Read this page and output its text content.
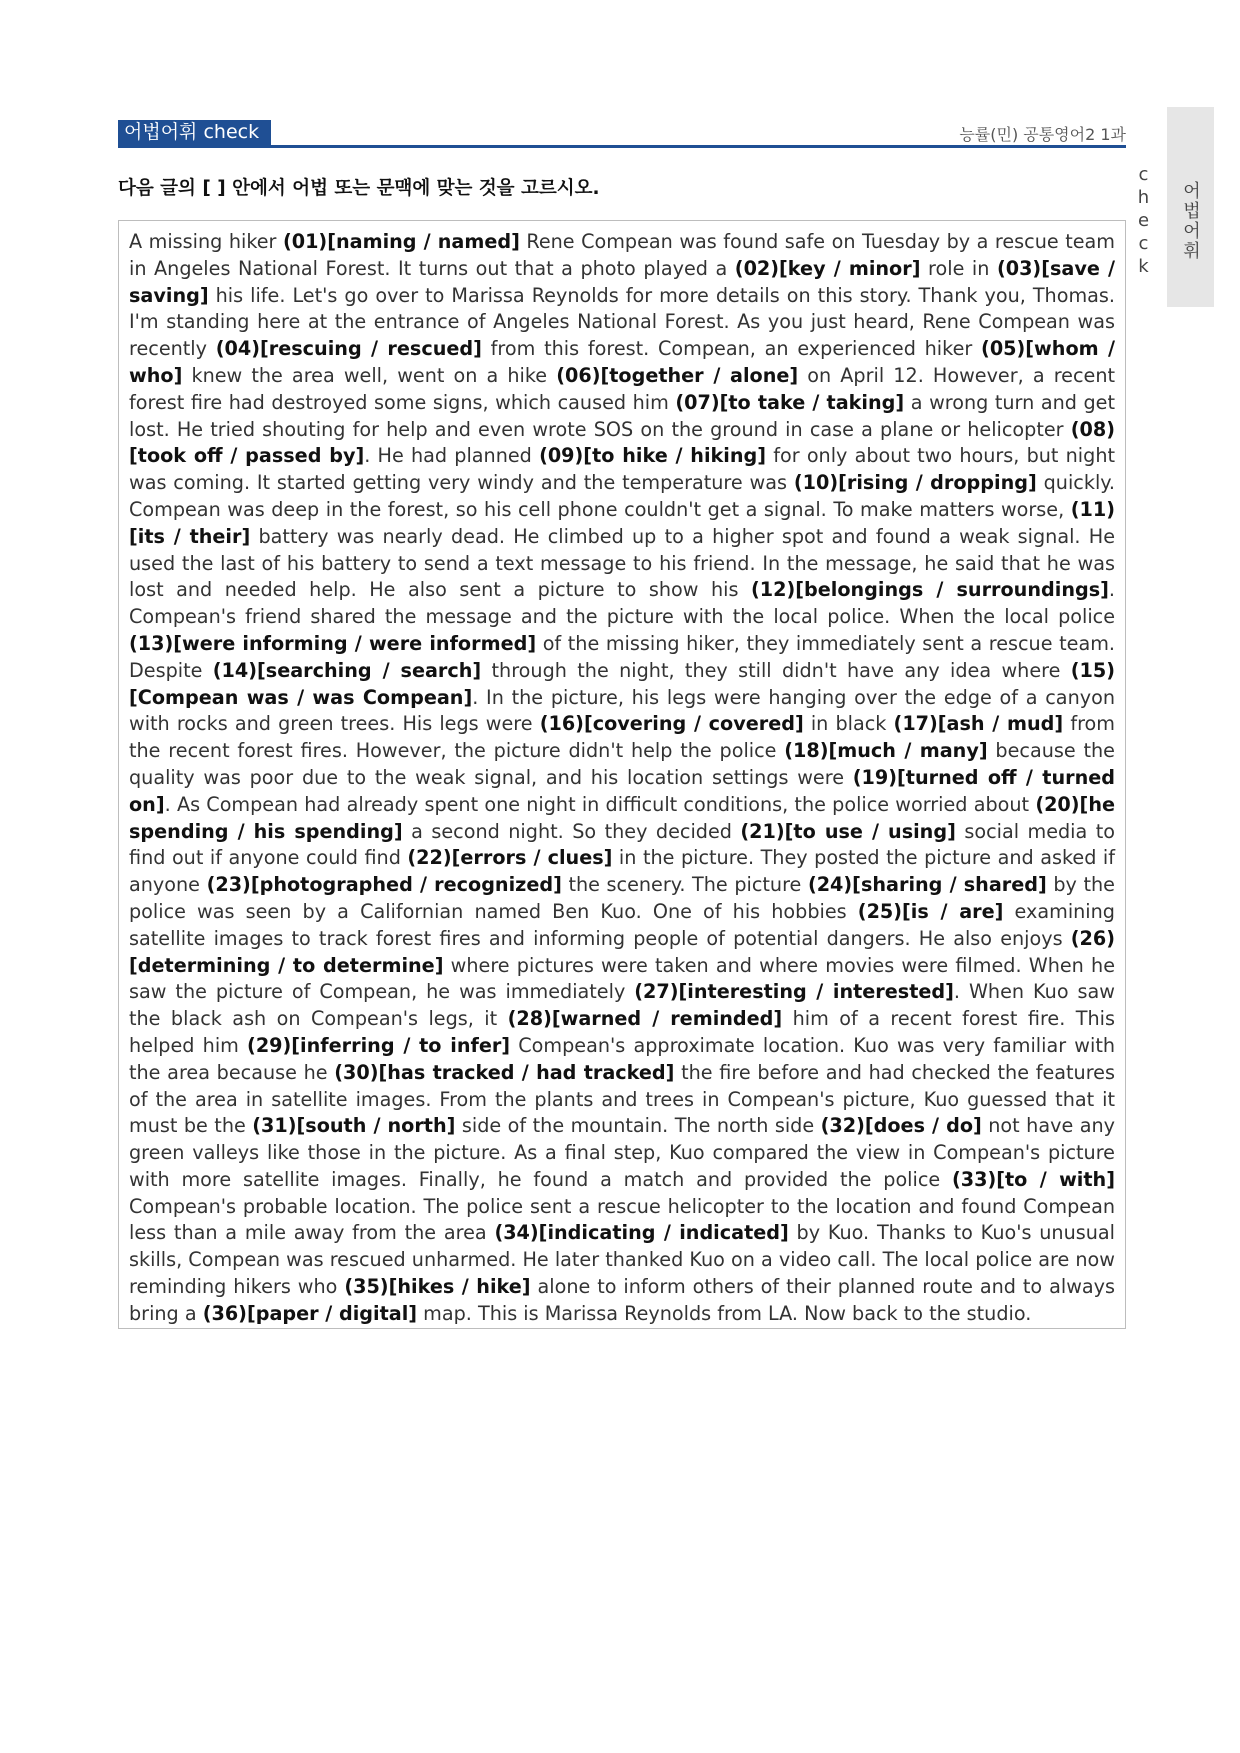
어법어휘 check	능률(민) 공통영어2 1과
어법어휘 check
다음 글의 [ ] 안에서 어법 또는 문맥에 맞는 것을 고르시오.

A missing hiker (01)[naming / named] Rene Compean was found safe on Tuesday by a rescue team in Angeles National Forest. It turns out that a photo played a (02)[key / minor] role in (03)[save / saving] his life. Let's go over to Marissa Reynolds for more details on this story. Thank you, Thomas. I'm standing here at the entrance of Angeles National Forest. As you just heard, Rene Compean was recently (04)[rescuing / rescued] from this forest. Compean, an experienced hiker (05)[whom / who] knew the area well, went on a hike (06)[together / alone] on April 12. However, a recent forest fire had destroyed some signs, which caused him (07)[to take / taking] a wrong turn and get lost. He tried shouting for help and even wrote SOS on the ground in case a plane or helicopter (08)[took off / passed by]. He had planned (09)[to hike / hiking] for only about two hours, but night was coming. It started getting very windy and the temperature was (10)[rising / dropping] quickly. Compean was deep in the forest, so his cell phone couldn't get a signal. To make matters worse, (11)[its / their] battery was nearly dead. He climbed up to a higher spot and found a weak signal. He used the last of his battery to send a text message to his friend. In the message, he said that he was lost and needed help. He also sent a picture to show his (12)[belongings / surroundings]. Compean's friend shared the message and the picture with the local police. When the local police (13)[were informing / were informed] of the missing hiker, they immediately sent a rescue team. Despite (14)[searching / search] through the night, they still didn't have any idea where (15)[Compean was / was Compean]. In the picture, his legs were hanging over the edge of a canyon with rocks and green trees. His legs were (16)[covering / covered] in black (17)[ash / mud] from the recent forest fires. However, the picture didn't help the police (18)[much / many] because the quality was poor due to the weak signal, and his location settings were (19)[turned off / turned on]. As Compean had already spent one night in difficult conditions, the police worried about (20)[he spending / his spending] a second night. So they decided (21)[to use / using] social media to find out if anyone could find (22)[errors / clues] in the picture. They posted the picture and asked if anyone (23)[photographed / recognized] the scenery. The picture (24)[sharing / shared] by the police was seen by a Californian named Ben Kuo. One of his hobbies (25)[is / are] examining satellite images to track forest fires and informing people of potential dangers. He also enjoys (26)[determining / to determine] where pictures were taken and where movies were filmed. When he saw the picture of Compean, he was immediately (27)[interesting / interested]. When Kuo saw the black ash on Compean's legs, it (28)[warned / reminded] him of a recent forest fire. This helped him (29)[inferring / to infer] Compean's approximate location. Kuo was very familiar with the area because he (30)[has tracked / had tracked] the fire before and had checked the features of the area in satellite images. From the plants and trees in Compean's picture, Kuo guessed that it must be the (31)[south / north] side of the mountain. The north side (32)[does / do] not have any green valleys like those in the picture. As a final step, Kuo compared the view in Compean's picture with more satellite images. Finally, he found a match and provided the police (33)[to / with] Compean's probable location. The police sent a rescue helicopter to the location and found Compean less than a mile away from the area (34)[indicating / indicated] by Kuo. Thanks to Kuo's unusual skills, Compean was rescued unharmed. He later thanked Kuo on a video call. The local police are now reminding hikers who (35)[hikes / hike] alone to inform others of their planned route and to always bring a (36)[paper / digital] map. This is Marissa Reynolds from LA. Now back to the studio.
